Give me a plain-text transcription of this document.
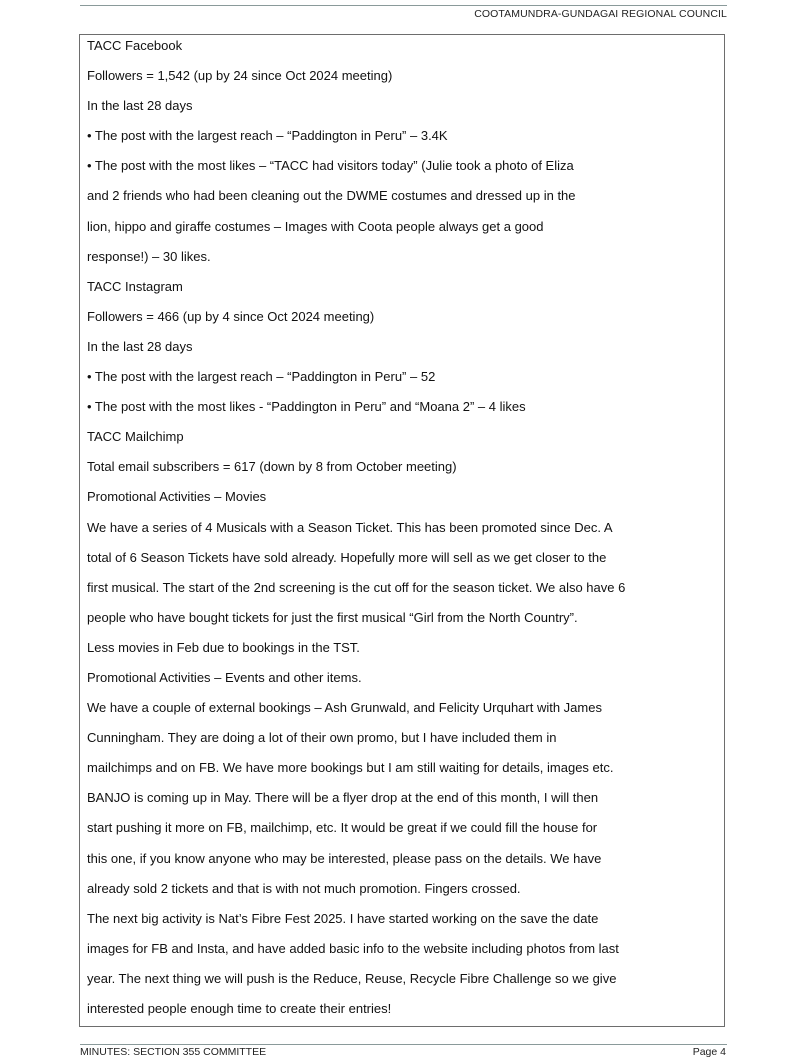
COOTAMUNDRA-GUNDAGAI REGIONAL COUNCIL
TACC Facebook
Followers = 1,542 (up by 24 since Oct 2024 meeting)
In the last 28 days
• The post with the largest reach – “Paddington in Peru” – 3.4K
• The post with the most likes – “TACC had visitors today” (Julie took a photo of Eliza
and 2 friends who had been cleaning out the DWME costumes and dressed up in the
lion, hippo and giraffe costumes – Images with Coota people always get a good
response!) – 30 likes.
TACC Instagram
Followers = 466 (up by 4 since Oct 2024 meeting)
In the last 28 days
• The post with the largest reach – “Paddington in Peru” – 52
• The post with the most likes - “Paddington in Peru” and “Moana 2” – 4 likes
TACC Mailchimp
Total email subscribers = 617 (down by 8 from October meeting)
Promotional Activities – Movies
We have a series of 4 Musicals with a Season Ticket. This has been promoted since Dec. A
total of 6 Season Tickets have sold already. Hopefully more will sell as we get closer to the
first musical. The start of the 2nd screening is the cut off for the season ticket. We also have 6
people who have bought tickets for just the first musical “Girl from the North Country”.
Less movies in Feb due to bookings in the TST.
Promotional Activities – Events and other items.
We have a couple of external bookings – Ash Grunwald, and Felicity Urquhart with James
Cunningham. They are doing a lot of their own promo, but I have included them in
mailchimps and on FB. We have more bookings but I am still waiting for details, images etc.
BANJO is coming up in May. There will be a flyer drop at the end of this month, I will then
start pushing it more on FB, mailchimp, etc. It would be great if we could fill the house for
this one, if you know anyone who may be interested, please pass on the details. We have
already sold 2 tickets and that is with not much promotion. Fingers crossed.
The next big activity is Nat’s Fibre Fest 2025. I have started working on the save the date
images for FB and Insta, and have added basic info to the website including photos from last
year. The next thing we will push is the Reduce, Reuse, Recycle Fibre Challenge so we give
interested people enough time to create their entries!
MINUTES: SECTION 355 COMMITTEE	Page 4
